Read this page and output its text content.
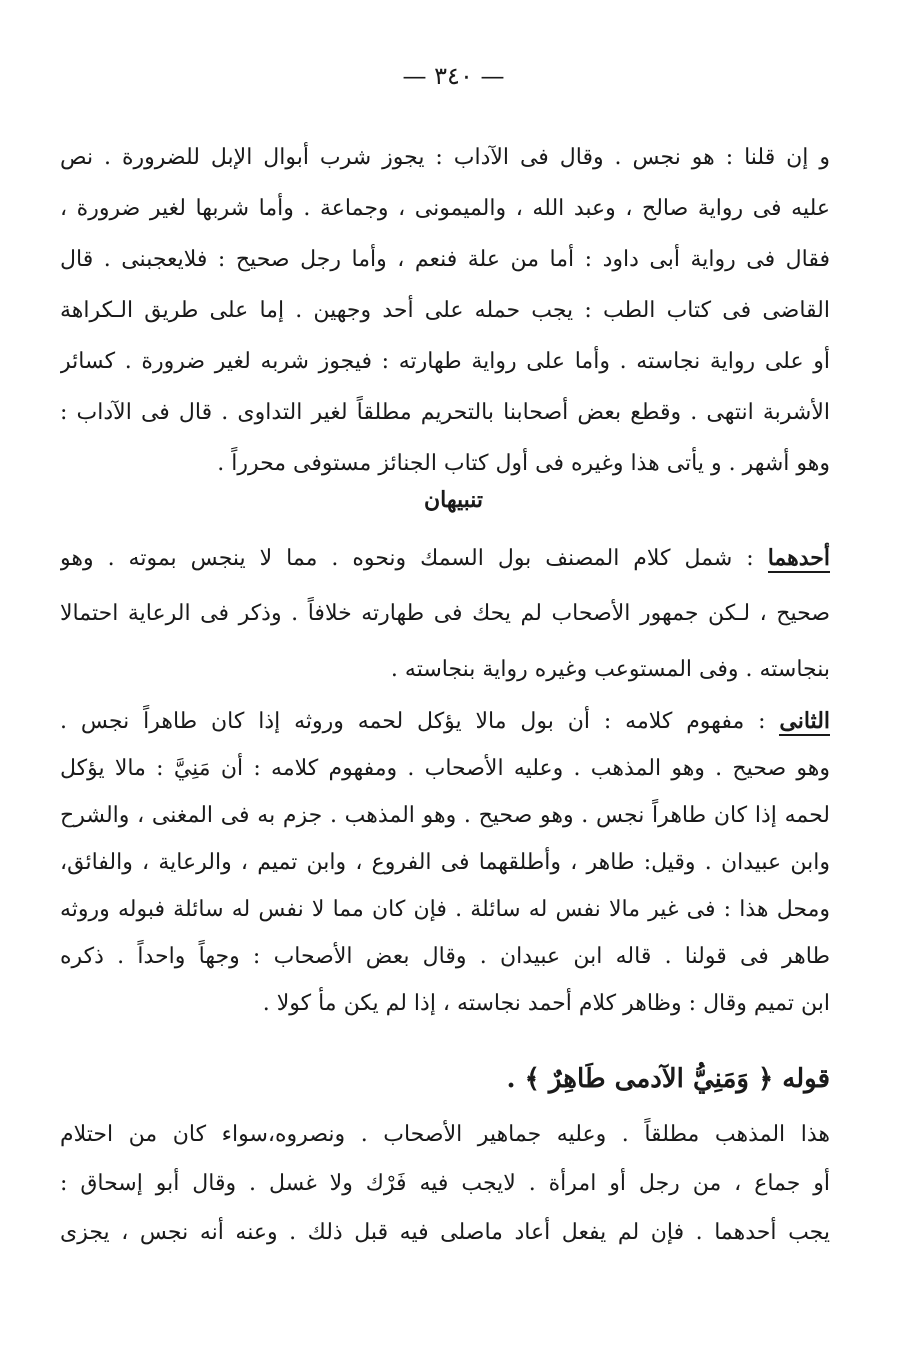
— ٣٤٠ —
و إن قلنا : هو نجس . وقال فى الآداب : يجوز شرب أبوال الإبل للضرورة . نص
عليه فى رواية صالح ، وعبد الله ، والميمونى ، وجماعة . وأما شربها لغير ضرورة ،
فقال فى رواية أبى داود : أما من علة فنعم ، وأما رجل صحيح : فلايعجبنى . قال
القاضى فى كتاب الطب : يجب حمله على أحد وجهين . إما على طريق الـكراهة
أو على رواية نجاسته . وأما على رواية طهارته : فيجوز شربه لغير ضرورة . كسائر
الأشربة انتهى . وقطع بعض أصحابنا بالتحريم مطلقاً لغير التداوى . قال فى الآداب :
وهو أشهر . و يأتى هذا وغيره فى أول كتاب الجنائز مستوفى محرراً .
تنبيهان
أحدهما : شمل كلام المصنف بول السمك ونحوه . مما لا ينجس بموته . وهو
صحيح ، لـكن جمهور الأصحاب لم يحك فى طهارته خلافاً . وذكر فى الرعاية احتمالا
بنجاسته . وفى المستوعب وغيره رواية بنجاسته .
الثانى : مفهوم كلامه : أن بول مالا يؤكل لحمه وروثه إذا كان طاهراً نجس .
وهو صحيح . وهو المذهب . وعليه الأصحاب . ومفهوم كلامه : أن مَنِيَّ : مالا يؤكل
لحمه إذا كان طاهراً نجس . وهو صحيح . وهو المذهب . جزم به فى المغنى ، والشرح
وابن عبيدان . وقيل: طاهر ، وأطلقهما فى الفروع ، وابن تميم ، والرعاية ، والفائق،
ومحل هذا : فى غير مالا نفس له سائلة . فإن كان مما لا نفس له سائلة فبوله وروثه
طاهر فى قولنا . قاله ابن عبيدان . وقال بعض الأصحاب : وجهاً واحداً . ذكره
ابن تميم وقال : وظاهر كلام أحمد نجاسته ، إذا لم يكن مأ كولا .
قوله ﴿ وَمَنِيُّ الآدمى طَاهِرٌ ﴾ .
هذا المذهب مطلقاً . وعليه جماهير الأصحاب . ونصروه،سواء كان من احتلام
أو جماع ، من رجل أو امرأة . لايجب فيه فَرْك ولا غسل . وقال أبو إسحاق :
يجب أحدهما . فإن لم يفعل أعاد ماصلى فيه قبل ذلك . وعنه أنه نجس ، يجزى
